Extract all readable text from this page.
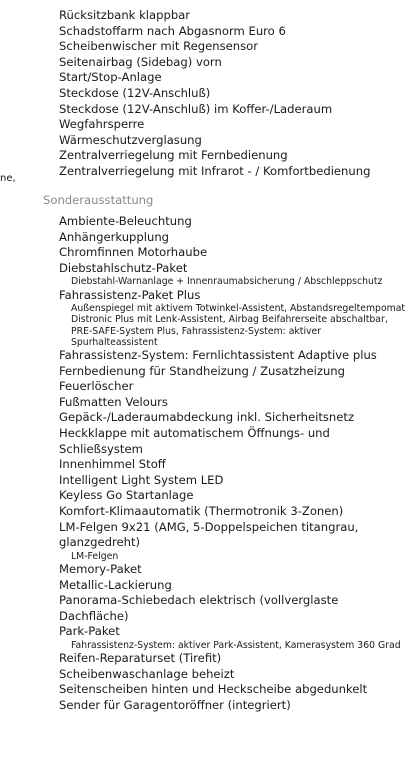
ne,
Rücksitzbank klappbar
Schadstoffarm nach Abgasnorm Euro 6
Scheibenwischer mit Regensensor
Seitenairbag (Sidebag) vorn
Start/Stop-Anlage
Steckdose (12V-Anschluß)
Steckdose (12V-Anschluß) im Koffer-/Laderaum
Wegfahrsperre
Wärmeschutzverglasung
Zentralverriegelung mit Fernbedienung
Zentralverriegelung mit Infrarot - / Komfortbedienung
Sonderausstattung
Ambiente-Beleuchtung
Anhängerkupplung
Chromfinnen Motorhaube
Diebstahlschutz-Paket
Diebstahl-Warnanlage + Innenraumabsicherung / Abschleppschutz
Fahrassistenz-Paket Plus
Außenspiegel mit aktivem Totwinkel-Assistent, Abstandsregeltempomat Distronic Plus mit Lenk-Assistent, Airbag Beifahrerseite abschaltbar, PRE-SAFE-System Plus, Fahrassistenz-System: aktiver Spurhalteassistent
Fahrassistenz-System: Fernlichtassistent Adaptive plus
Fernbedienung für Standheizung / Zusatzheizung
Feuerlöscher
Fußmatten Velours
Gepäck-/Laderaumabdeckung inkl. Sicherheitsnetz
Heckklappe mit automatischem Öffnungs- und Schließsystem
Innenhimmel Stoff
Intelligent Light System LED
Keyless Go Startanlage
Komfort-Klimaautomatik (Thermotronik 3-Zonen)
LM-Felgen 9x21 (AMG, 5-Doppelspeichen titangrau, glanzgedreht)
LM-Felgen
Memory-Paket
Metallic-Lackierung
Panorama-Schiebedach elektrisch (vollverglaste Dachfläche)
Park-Paket
Fahrassistenz-System: aktiver Park-Assistent, Kamerasystem 360 Grad
Reifen-Reparaturset (Tirefit)
Scheibenwaschanlage beheizt
Seitenscheiben hinten und Heckscheibe abgedunkelt
Sender für Garagentoröffner (integriert)
